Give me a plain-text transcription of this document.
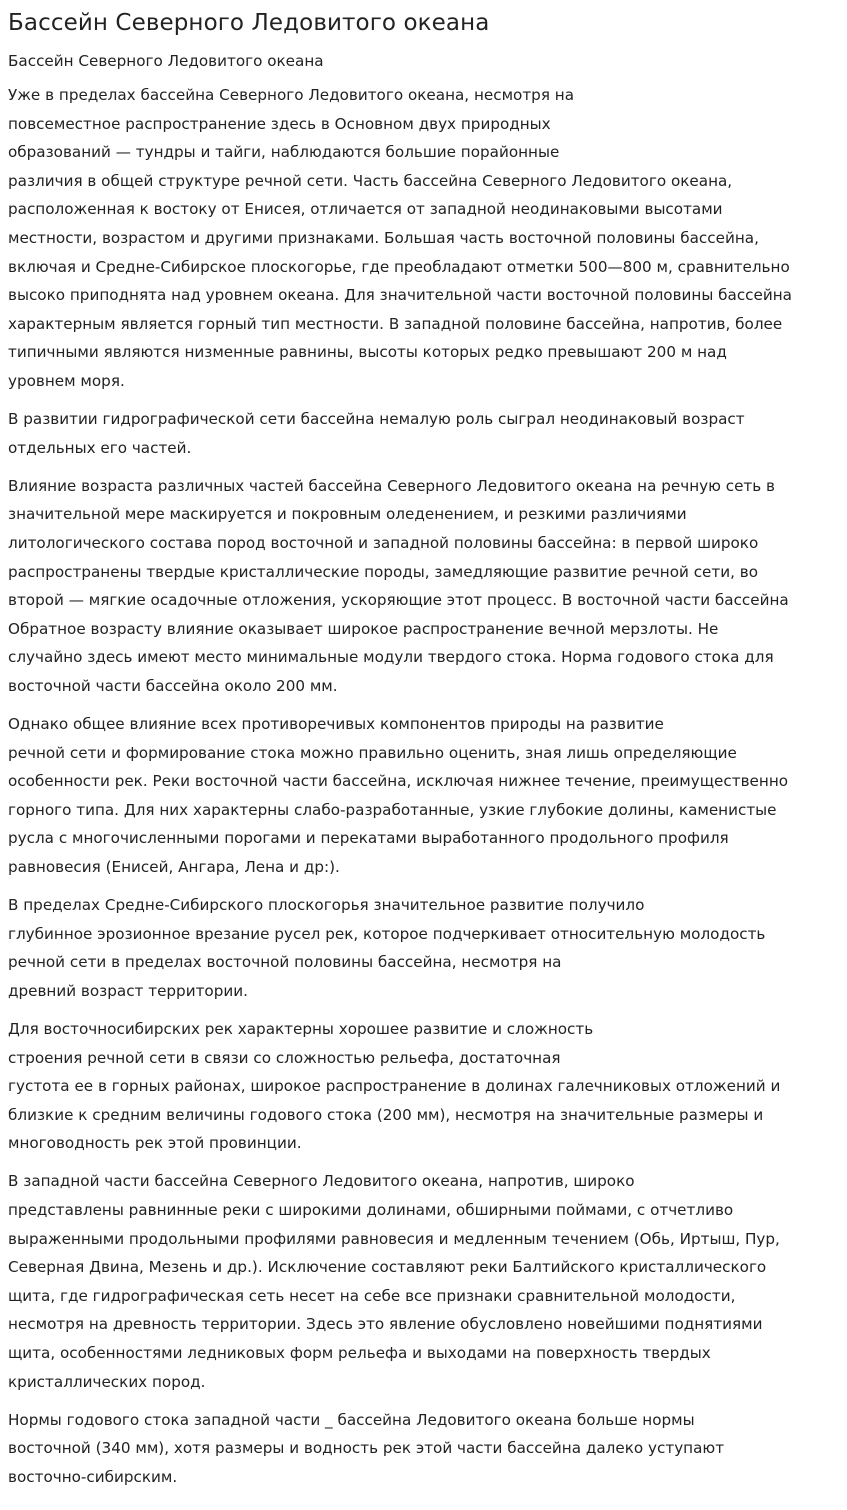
Бассейн Северного Ледовитого океана

Бассейн Северного Ледовитого океана

Уже в пределах бассейна Северного Ледовитого океана, несмотря на
повсеместное распространение здесь в Основном двух природных
образований — тундры и тайги, наблюдаются большие порайонные
различия в общей структуре речной сети. Часть бассейна Северного Ледовитого океана,
расположенная к востоку от Енисея, отличается от западной неодинаковыми высотами
местности, возрастом и другими признаками. Большая часть восточной половины бассейна,
включая и Средне-Сибирское плоскогорье, где преобладают отметки 500—800 м, сравнительно
высоко приподнята над уровнем океана. Для значительной части восточной половины бассейна
характерным является горный тип местности. В западной половине бассейна, напротив, более
типичными являются низменные равнины, высоты которых редко превышают 200 м над
уровнем моря.

В развитии гидрографической сети бассейна немалую роль сыграл неодинаковый возраст
отдельных его частей.

Влияние возраста различных частей бассейна Северного Ледовитого океана на речную сеть в
значительной мере маскируется и покровным оледенением, и резкими различиями
литологического состава пород восточной и западной половины бассейна: в первой широко
распространены твердые кристаллические породы, замедляющие развитие речной сети, во
второй — мягкие осадочные отложения, ускоряющие этот процесс. В восточной части бассейна
Обратное возрасту влияние оказывает широкое распространение вечной мерзлоты. Не
случайно здесь имеют место минимальные модули твердого стока. Норма годового стока для
восточной части бассейна около 200 мм.

Однако общее влияние всех противоречивых компонентов природы на развитие
речной сети и формирование стока можно правильно оценить, зная лишь определяющие
особенности рек. Реки восточной части бассейна, исключая нижнее течение, преимущественно
горного типа. Для них характерны слабо-разработанные, узкие глубокие долины, каменистые
русла с многочисленными порогами и перекатами выработанного продольного профиля
равновесия (Енисей, Ангара, Лена и др:).

В пределах Средне-Сибирского плоскогорья значительное развитие получило
глубинное эрозионное врезание русел рек, которое подчеркивает относительную молодость
речной сети в пределах восточной половины бассейна, несмотря на
древний возраст территории.

Для восточносибирских рек характерны хорошее развитие и сложность
строения речной сети в связи со сложностью рельефа, достаточная
густота ее в горных районах, широкое распространение в долинах галечниковых отложений и
близкие к средним величины годового стока (200 мм), несмотря на значительные размеры и
многоводность рек этой провинции.

В западной части бассейна Северного Ледовитого океана, напротив, широко
представлены равнинные реки с широкими долинами, обширными поймами, с отчетливо
выраженными продольными профилями равновесия и медленным течением (Обь, Иртыш, Пур,
Северная Двина, Мезень и др.). Исключение составляют реки Балтийского кристаллического
щита, где гидрографическая сеть несет на себе все признаки сравнительной молодости,
несмотря на древность территории. Здесь это явление обусловлено новейшими поднятиями
щита, особенностями ледниковых форм рельефа и выходами на поверхность твердых
кристаллических пород.

Нормы годового стока западной части _ бассейна Ледовитого океана больше нормы
восточной (340 мм), хотя размеры и водность рек этой части бассейна далеко уступают
восточно-сибирским.
